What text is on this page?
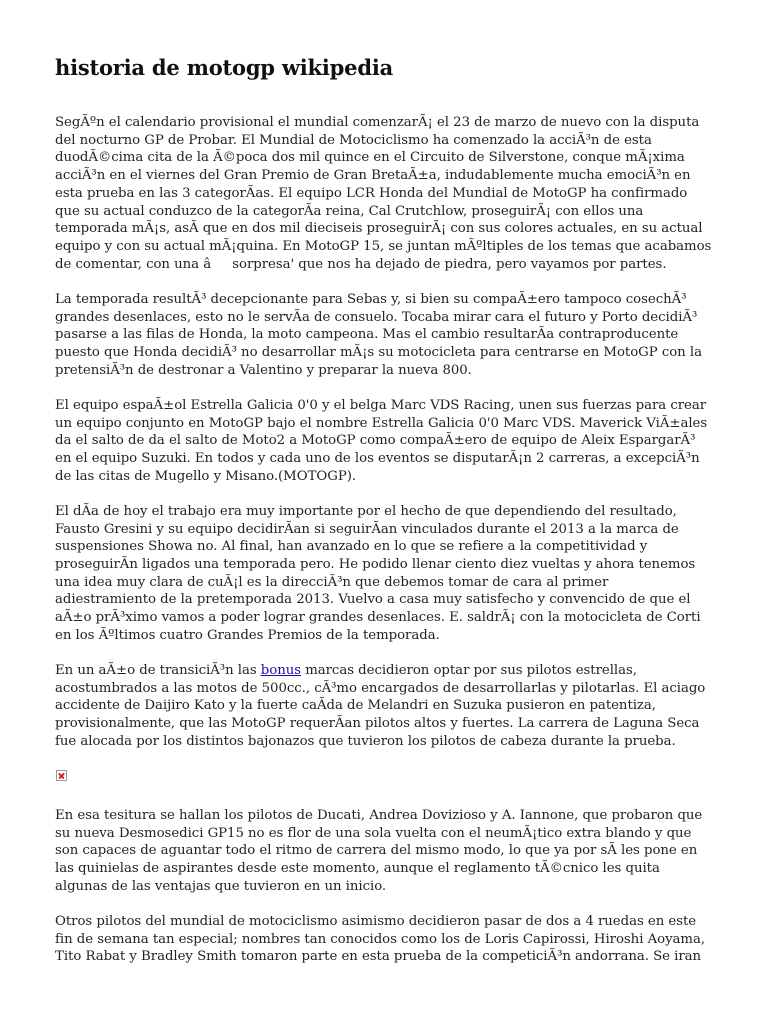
historia de motogp wikipedia

SegÃºn el calendario provisional el mundial comenzarÃ¡ el 23 de marzo de nuevo con la disputa del nocturno GP de Probar. El Mundial de Motociclismo ha comenzado la acciÃ³n de esta duodÃ©cima cita de la Ã©poca dos mil quince en el Circuito de Silverstone, conque mÃ¡xima acciÃ³n en el viernes del Gran Premio de Gran BretaÃ±a, indudablemente mucha emociÃ³n en esta prueba en las 3 categorÃas. El equipo LCR Honda del Mundial de MotoGP ha confirmado que su actual conduzco de la categorÃa reina, Cal Crutchlow, proseguirÃ¡ con ellos una temporada mÃ¡s, asÃ que en dos mil dieciseis proseguirÃ¡ con sus colores actuales, en su actual equipo y con su actual mÃ¡quina. En MotoGP 15, se juntan mÃºltiples de los temas que acabamos de comentar, con una âsorpresa' que nos ha dejado de piedra, pero vayamos por partes.

La temporada resultÃ³ decepcionante para Sebas y, si bien su compaÃ±ero tampoco cosechÃ³ grandes desenlaces, esto no le servÃa de consuelo. Tocaba mirar cara el futuro y Porto decidiÃ³ pasarse a las filas de Honda, la moto campeona. Mas el cambio resultarÃa contraproducente puesto que Honda decidiÃ³ no desarrollar mÃ¡s su motocicleta para centrarse en MotoGP con la pretensiÃ³n de destronar a Valentino y preparar la nueva 800.

El equipo espaÃ±ol Estrella Galicia 0'0 y el belga Marc VDS Racing, unen sus fuerzas para crear un equipo conjunto en MotoGP bajo el nombre Estrella Galicia 0'0 Marc VDS. Maverick ViÃ±ales da el salto de da el salto de Moto2 a MotoGP como compaÃ±ero de equipo de Aleix EspargarÃ³ en el equipo Suzuki. En todos y cada uno de los eventos se disputarÃ¡n 2 carreras, a excepciÃ³n de las citas de Mugello y Misano.(MOTOGP).

El dÃa de hoy el trabajo era muy importante por el hecho de que dependiendo del resultado, Fausto Gresini y su equipo decidirÃan si seguirÃan vinculados durante el 2013 a la marca de suspensiones Showa no. Al final, han avanzado en lo que se refiere a la competitividad y proseguirÃn ligados una temporada pero. He podido llenar ciento diez vueltas y ahora tenemos una idea muy clara de cuÃ¡l es la direcciÃ³n que debemos tomar de cara al primer adiestramiento de la pretemporada 2013. Vuelvo a casa muy satisfecho y convencido de que el aÃ±o prÃ³ximo vamos a poder lograr grandes desenlaces. E. saldrÃ¡ con la motocicleta de Corti en los Ãºltimos cuatro Grandes Premios de la temporada.

En un aÃ±o de transiciÃ³n las bonus marcas decidieron optar por sus pilotos estrellas, acostumbrados a las motos de 500cc., cÃ³mo encargados de desarrollarlas y pilotarlas. El aciago accidente de Daijiro Kato y la fuerte caÃda de Melandri en Suzuka pusieron en patentiza, provisionalmente, que las MotoGP requerÃan pilotos altos y fuertes. La carrera de Laguna Seca fue alocada por los distintos bajonazos que tuvieron los pilotos de cabeza durante la prueba.

En esa tesitura se hallan los pilotos de Ducati, Andrea Dovizioso y A. Iannone, que probaron que su nueva Desmosedici GP15 no es flor de una sola vuelta con el neumÃ¡tico extra blando y que son capaces de aguantar todo el ritmo de carrera del mismo modo, lo que ya por sÃ les pone en las quinielas de aspirantes desde este momento, aunque el reglamento tÃ©cnico les quita algunas de las ventajas que tuvieron en un inicio.

Otros pilotos del mundial de motociclismo asimismo decidieron pasar de dos a 4 ruedas en este fin de semana tan especial; nombres tan conocidos como los de Loris Capirossi, Hiroshi Aoyama, Tito Rabat y Bradley Smith tomaron parte en esta prueba de la competiciÃ³n andorrana. Se iran
